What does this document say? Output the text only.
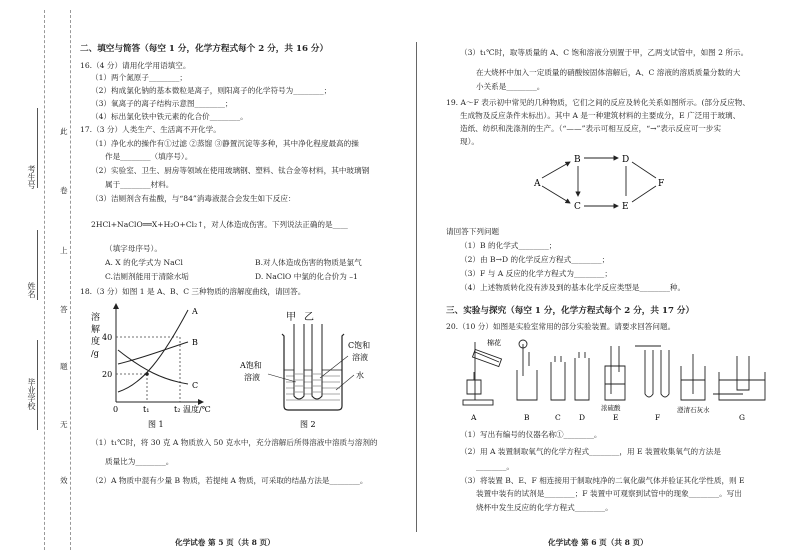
考生号
姓名
毕业学校
此
卷
上
答
题
无
效
二、填空与简答（每空 1 分，化学方程式每个 2 分，共 16 分）
16.（4 分）请用化学用语填空。
（1）两个氮原子________；
（2）构成氯化钠的基本微粒是离子，则阳离子的化学符号为________；
（3）氧离子的离子结构示意图________；
（4）标出氯化铁中铁元素的化合价________。
17.（3 分）人类生产、生活离不开化学。
（1）净化水的操作有①过滤 ②蒸馏 ③静置沉淀等多种，其中净化程度最高的操
作是________（填序号）。
（2）实验室、卫生、厨房等领域在使用玻璃钢、塑料、钛合金等材料，其中玻璃钢
属于________材料。
（3）洁厕剂含有盐酸，与“84”消毒液混合会发生如下反应：
2HCl+NaClO══X+H₂O+Cl₂↑，对人体造成伤害。下列说法正确的是____
（填字母序号）。
A. X 的化学式为 NaCl	B.对人体造成伤害的物质是氯气
C.洁厕剂能用于清除水垢	D. NaClO 中氯的化合价为 –1
18.（3 分）如图 1 是 A、B、C 三种物质的溶解度曲线，请回答。
溶
解
度
/g
40
20
A
B
C
0	t₁	t₂ 温度/℃
图 1
甲 乙
A饱和
溶液
C饱和
溶液
水
图 2
（1）t₁℃时，将 30 克 A 物质放入 50 克水中，充分溶解后所得溶液中溶质与溶剂的
质量比为________。
（2）A 物质中混有少量 B 物质，若提纯 A 物质，可采取的结晶方法是________。
化学试卷 第 5 页（共 8 页）
（3）t₁℃时，取等质量的 A、C 饱和溶液分别置于甲，乙两支试管中，如图 2 所示。
在大烧杯中加入一定质量的硝酸铵固体溶解后，A、C 溶液的溶质质量分数的大
小关系是________。
19. A～F 表示初中常见的几种物质，它们之间的反应及转化关系如图所示。(部分反应物、
生成物及反应条件未标出）。其中 A 是一种建筑材料的主要成分，E 广泛用于玻璃、
造纸、纺织和洗涤剂的生产。（“——”表示可相互反应，“→”表示反应可一步实
现）。
A
B
C
D
E
F
请回答下列问题
（1）B 的化学式________；
（2）由 B→D 的化学反应方程式________；
（3）F 与 A 反应的化学方程式为________；
（4）上述物质转化没有涉及到的基本化学反应类型是________种。
三、实验与探究（每空 1 分，化学方程式每个 2 分，共 17 分）
20.（10 分）如图是实验室常用的部分实验装置。请要求回答问题。
棉花
浓硫酸	澄清石灰水
A	B	C D	E	F	G
（1）写出有编号的仪器名称①________。
（2）用 A 装置制取氧气的化学方程式________，用 E 装置收集氧气的方法是
________。
（3）将装置 B、E、F 相连接用于制取纯净的二氧化碳气体并验证其化学性质，则 E
装置中装有的试剂是________；F 装置中可观察到试管中的现象________。写出
烧杯中发生反应的化学方程式________。
化学试卷 第 6 页（共 8 页）
